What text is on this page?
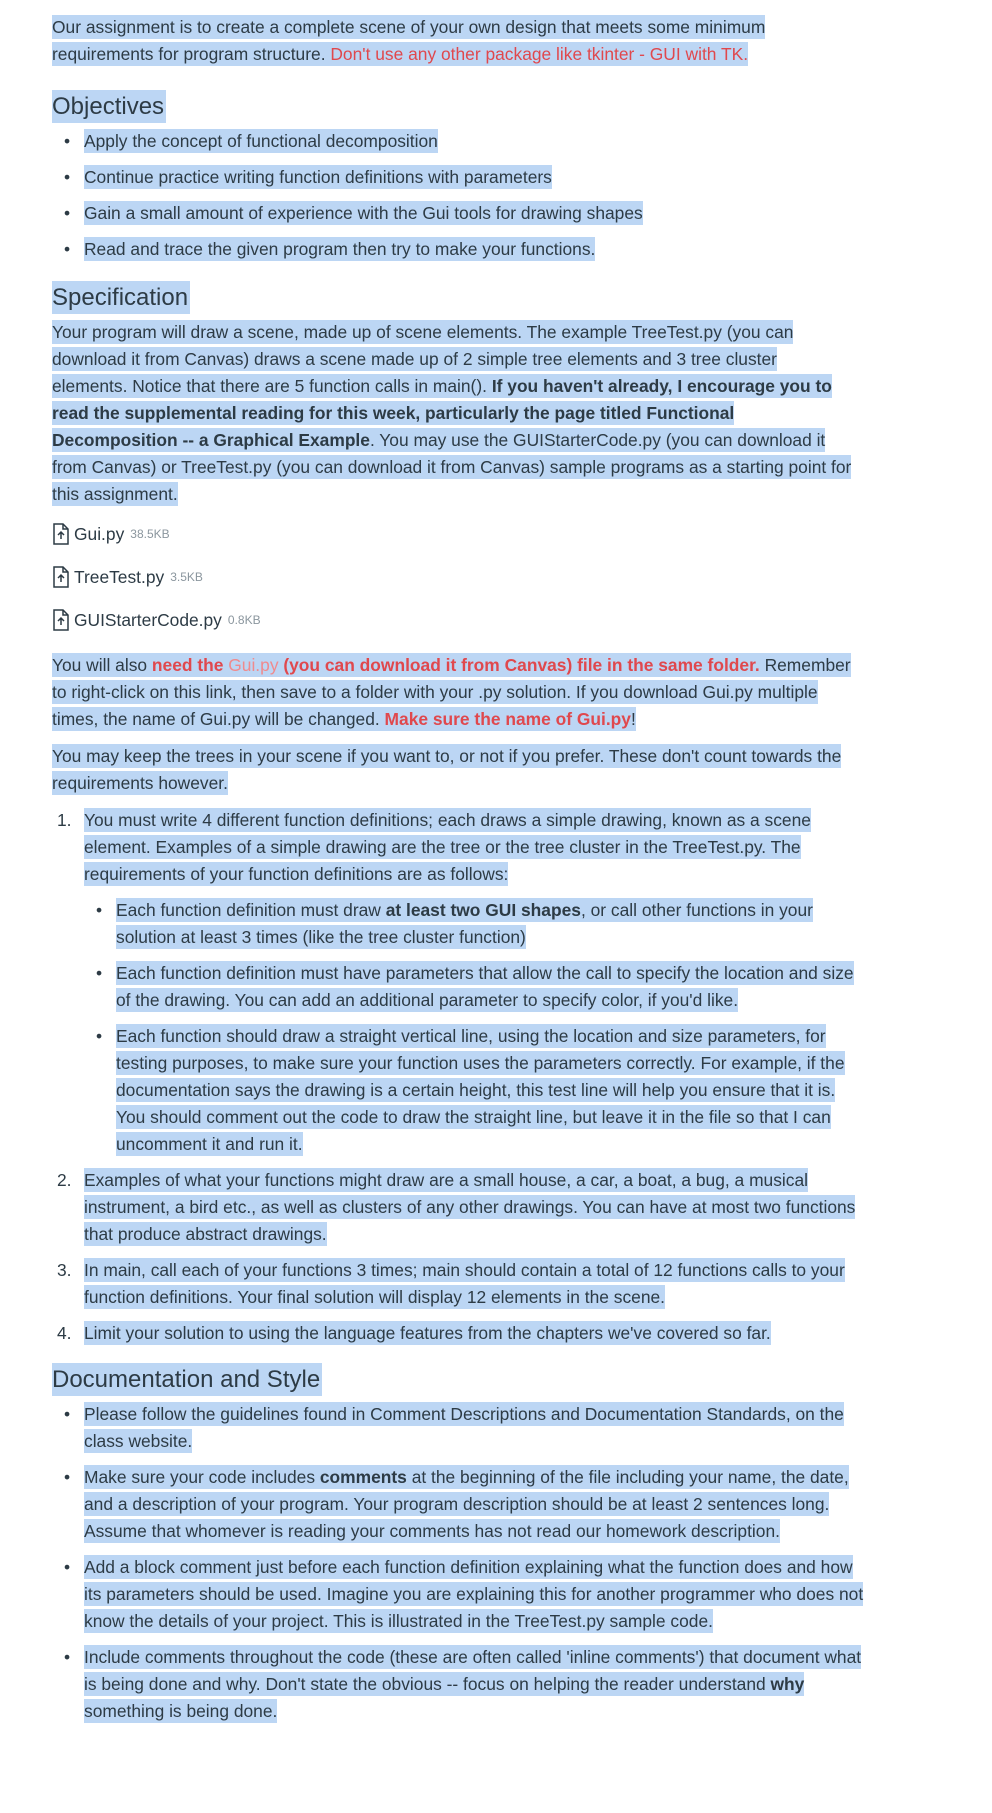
Our assignment is to create a complete scene of your own design that meets some minimum requirements for program structure. Don't use any other package like tkinter - GUI with TK.

Objectives
• Apply the concept of functional decomposition
• Continue practice writing function definitions with parameters
• Gain a small amount of experience with the Gui tools for drawing shapes
• Read and trace the given program then try to make your functions.
Specification

Your program will draw a scene, made up of scene elements. The example TreeTest.py (you can download it from Canvas) draws a scene made up of 2 simple tree elements and 3 tree cluster elements. Notice that there are 5 function calls in main(). If you haven't already, I encourage you to read the supplemental reading for this week, particularly the page titled Functional Decomposition -- a Graphical Example. You may use the GUIStarterCode.py (you can download it from Canvas) or TreeTest.py (you can download it from Canvas) sample programs as a starting point for this assignment.

Gui.py 38.5KB
TreeTest.py 3.5KB
GUIStarterCode.py 0.8KB

You will also need the Gui.py (you can download it from Canvas) file in the same folder. Remember to right-click on this link, then save to a folder with your .py solution. If you download Gui.py multiple times, the name of Gui.py will be changed. Make sure the name of Gui.py!

You may keep the trees in your scene if you want to, or not if you prefer. These don't count towards the requirements however.

1. You must write 4 different function definitions; each draws a simple drawing, known as a scene element. Examples of a simple drawing are the tree or the tree cluster in the TreeTest.py. The requirements of your function definitions are as follows:
• Each function definition must draw at least two GUI shapes, or call other functions in your solution at least 3 times (like the tree cluster function)
• Each function definition must have parameters that allow the call to specify the location and size of the drawing. You can add an additional parameter to specify color, if you'd like.
• Each function should draw a straight vertical line, using the location and size parameters, for testing purposes, to make sure your function uses the parameters correctly. For example, if the documentation says the drawing is a certain height, this test line will help you ensure that it is. You should comment out the code to draw the straight line, but leave it in the file so that I can uncomment it and run it.
2. Examples of what your functions might draw are a small house, a car, a boat, a bug, a musical instrument, a bird etc., as well as clusters of any other drawings. You can have at most two functions that produce abstract drawings.
3. In main, call each of your functions 3 times; main should contain a total of 12 functions calls to your function definitions. Your final solution will display 12 elements in the scene.
4. Limit your solution to using the language features from the chapters we've covered so far.
Documentation and Style
• Please follow the guidelines found in Comment Descriptions and Documentation Standards, on the class website.
• Make sure your code includes comments at the beginning of the file including your name, the date, and a description of your program. Your program description should be at least 2 sentences long. Assume that whomever is reading your comments has not read our homework description.
• Add a block comment just before each function definition explaining what the function does and how its parameters should be used. Imagine you are explaining this for another programmer who does not know the details of your project. This is illustrated in the TreeTest.py sample code.
• Include comments throughout the code (these are often called 'inline comments') that document what is being done and why. Don't state the obvious -- focus on helping the reader understand why something is being done.
